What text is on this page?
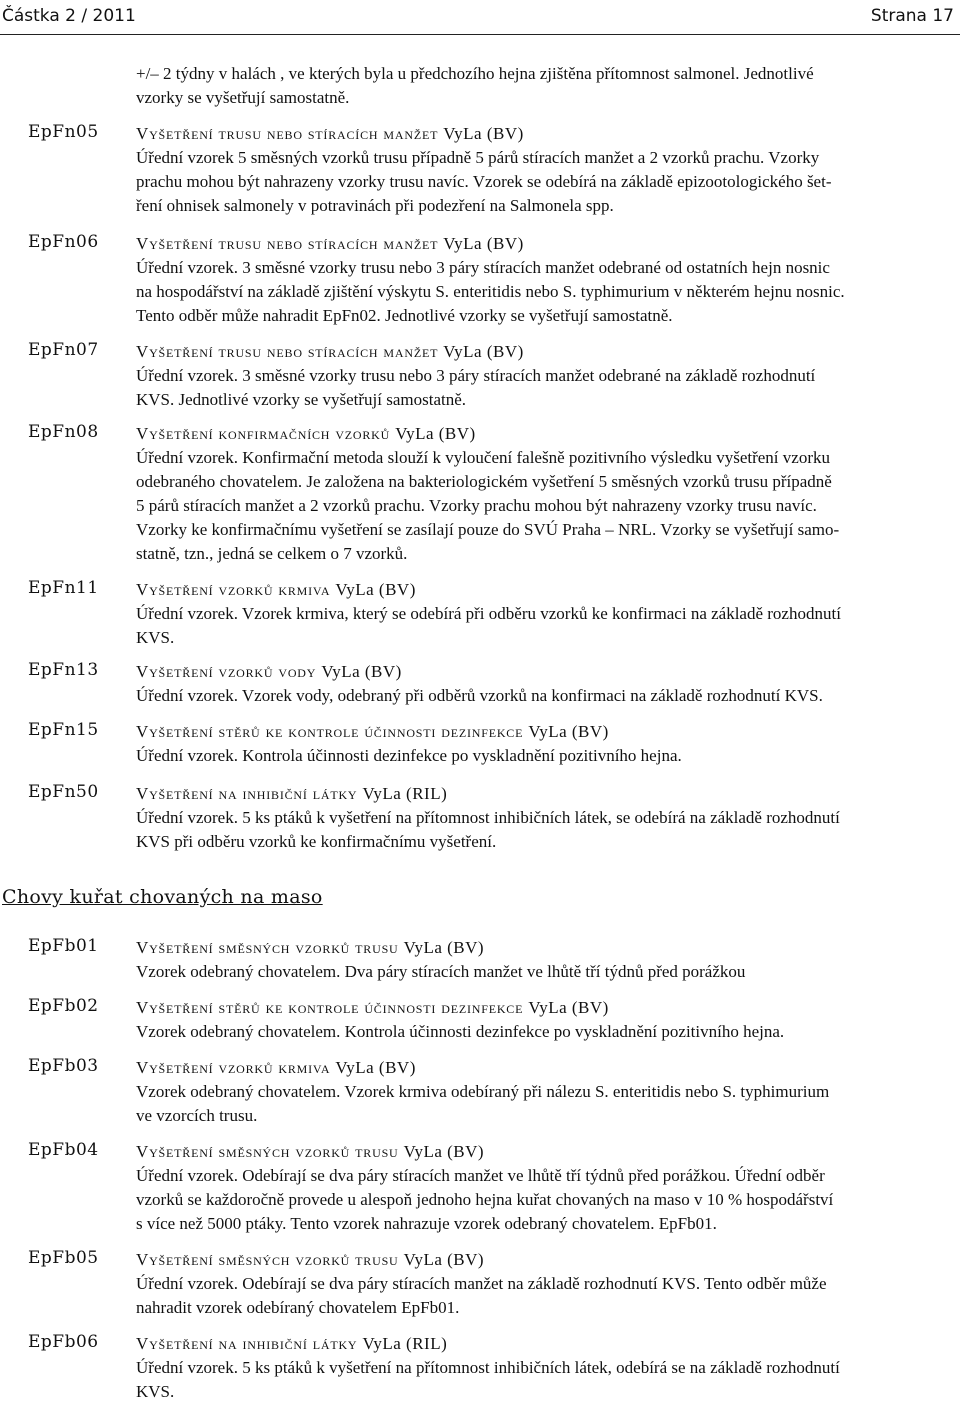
Částka 2 / 2011	Strana 17
+/– 2 týdny v halách , ve kterých byla u předchozího hejna zjištěna přítomnost salmonel. Jednotlivé
vzorky se vyšetřují samostatně.
Chovy kuřat chovaných na maso
EpFn05 Vyšetření trusu nebo stíracích manžet VyLa (BV)
Úřední vzorek 5 směsných vzorků trusu případně 5 párů stíracích manžet a 2 vzorků prachu. Vzorky
prachu mohou být nahrazeny vzorky trusu navíc. Vzorek se odebírá na základě epizootologického šet-
ření ohnisek salmonely v potravinách při podezření na Salmonela spp.
EpFn06 Vyšetření trusu nebo stíracích manžet VyLa (BV)
Úřední vzorek. 3 směsné vzorky trusu nebo 3 páry stíracích manžet odebrané od ostatních hejn nosnic
na hospodářství na základě zjištění výskytu S. enteritidis nebo S. typhimurium v některém hejnu nosnic.
Tento odběr může nahradit EpFn02. Jednotlivé vzorky se vyšetřují samostatně.
EpFn07 Vyšetření trusu nebo stíracích manžet VyLa (BV)
Úřední vzorek. 3 směsné vzorky trusu nebo 3 páry stíracích manžet odebrané na základě rozhodnutí
KVS. Jednotlivé vzorky se vyšetřují samostatně.
EpFn08 Vyšetření konfirmačních vzorků VyLa (BV)
Úřední vzorek. Konfirmační metoda slouží k vyloučení falešně pozitivního výsledku vyšetření vzorku
odebraného chovatelem. Je založena na bakteriologickém vyšetření 5 směsných vzorků trusu případně
5 párů stíracích manžet a 2 vzorků prachu. Vzorky prachu mohou být nahrazeny vzorky trusu navíc.
Vzorky ke konfirmačnímu vyšetření se zasílají pouze do SVÚ Praha – NRL. Vzorky se vyšetřují samo-
statně, tzn., jedná se celkem o 7 vzorků.
EpFn11 Vyšetření vzorků krmiva VyLa (BV)
Úřední vzorek. Vzorek krmiva, který se odebírá při odběru vzorků ke konfirmaci na základě rozhodnutí
KVS.
EpFn13 Vyšetření vzorků vody VyLa (BV)
Úřední vzorek. Vzorek vody, odebraný při odběrů vzorků na konfirmaci na základě rozhodnutí KVS.
EpFn15 Vyšetření stěrů ke kontrole účinnosti dezinfekce VyLa (BV)
Úřední vzorek. Kontrola účinnosti dezinfekce po vyskladnění pozitivního hejna.
EpFn50 Vyšetření na inhibiční látky VyLa (RIL)
Úřední vzorek. 5 ks ptáků k vyšetření na přítomnost inhibičních látek, se odebírá na základě rozhodnutí
KVS při odběru vzorků ke konfirmačnímu vyšetření.
EpFb01 Vyšetření směsných vzorků trusu VyLa (BV)
Vzorek odebraný chovatelem. Dva páry stíracích manžet ve lhůtě tří týdnů před porážkou
EpFb02 Vyšetření stěrů ke kontrole účinnosti dezinfekce VyLa (BV)
Vzorek odebraný chovatelem. Kontrola účinnosti dezinfekce po vyskladnění pozitivního hejna.
EpFb03 Vyšetření vzorků krmiva VyLa (BV)
Vzorek odebraný chovatelem. Vzorek krmiva odebíraný při nálezu S. enteritidis nebo S. typhimurium
ve vzorcích trusu.
EpFb04 Vyšetření směsných vzorků trusu VyLa (BV)
Úřední vzorek. Odebírají se dva páry stíracích manžet ve lhůtě tří týdnů před porážkou. Úřední odběr
vzorků se každoročně provede u alespoň jednoho hejna kuřat chovaných na maso v 10 % hospodářství
s více než 5000 ptáky. Tento vzorek nahrazuje vzorek odebraný chovatelem. EpFb01.
EpFb05 Vyšetření směsných vzorků trusu VyLa (BV)
Úřední vzorek. Odebírají se dva páry stíracích manžet na základě rozhodnutí KVS. Tento odběr může
nahradit vzorek odebíraný chovatelem EpFb01.
EpFb06 Vyšetření na inhibiční látky VyLa (RIL)
Úřední vzorek. 5 ks ptáků k vyšetření na přítomnost inhibičních látek, odebírá se na základě rozhodnutí
KVS.
